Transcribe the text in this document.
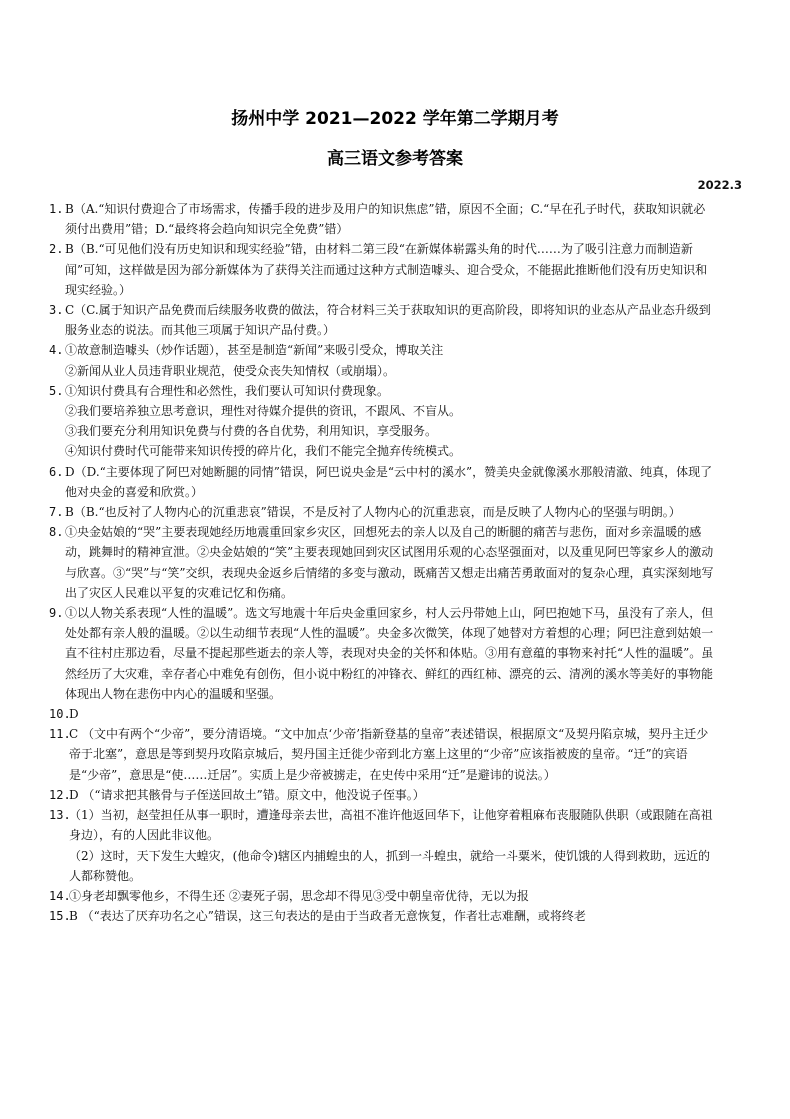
扬州中学 2021—2022 学年第二学期月考
高三语文参考答案
2022.3
1. B（A.“知识付费迎合了市场需求，传播手段的进步及用户的知识焦虑”错，原因不全面；C.“早在孔子时代，获取知识就必须付出费用”错；D.“最终将会趋向知识完全免费”错）
2. B（B.“可见他们没有历史知识和现实经验”错，由材料二第三段“在新媒体崭露头角的时代……为了吸引注意力而制造新闻”可知，这样做是因为部分新媒体为了获得关注而通过这种方式制造噱头、迎合受众，不能据此推断他们没有历史知识和现实经验。）
3. C（C.属于知识产品免费而后续服务收费的做法，符合材料三关于获取知识的更高阶段，即将知识的业态从产品业态升级到服务业态的说法。而其他三项属于知识产品付费。）
4. ①故意制造噱头（炒作话题），甚至是制造“新闻”来吸引受众，博取关注
②新闻从业人员违背职业规范，使受众丧失知情权（或崩塌）。
5. ①知识付费具有合理性和必然性，我们要认可知识付费现象。
②我们要培养独立思考意识，理性对待媒介提供的资讯，不跟风、不盲从。
③我们要充分利用知识免费与付费的各自优势，利用知识，享受服务。
④知识付费时代可能带来知识传授的碎片化，我们不能完全抛弃传统模式。
6. D（D.“主要体现了阿巴对她断腿的同情”错误，阿巴说央金是“云中村的溪水”，赞美央金就像溪水那般清澈、纯真，体现了他对央金的喜爱和欣赏。）
7. B（B.“也反衬了人物内心的沉重悲哀”错误，不是反衬了人物内心的沉重悲哀，而是反映了人物内心的坚强与明朗。）
8. ①央金姑娘的“哭”主要表现她经历地震重回家乡灾区，回想死去的亲人以及自己的断腿的痛苦与悲伤，面对乡亲温暖的感动，跳舞时的精神宣泄。②央金姑娘的“笑”主要表现她回到灾区试图用乐观的心态坚强面对，以及重见阿巴等家乡人的激动与欣喜。③“哭”与“笑”交织，表现央金返乡后情绪的多变与激动，既痛苦又想走出痛苦勇敢面对的复杂心理，真实深刻地写出了灾区人民难以平复的灾难记忆和伤痛。
9. ①以人物关系表现“人性的温暖”。选文写地震十年后央金重回家乡，村人云丹带她上山，阿巴抱她下马，虽没有了亲人，但处处都有亲人般的温暖。②以生动细节表现“人性的温暖”。央金多次微笑，体现了她替对方着想的心理；阿巴注意到姑娘一直不往村庄那边看，尽量不提起那些逝去的亲人等，表现对央金的关怀和体贴。③用有意蕴的事物来衬托“人性的温暖”。虽然经历了大灾难，幸存者心中难免有创伤，但小说中粉红的冲锋衣、鲜红的西红柿、漂亮的云、清冽的溪水等美好的事物能体现出人物在悲伤中内心的温暖和坚强。
10.
D
11.
C （文中有两个“少帝”，要分清语境。“文中加点‘少帝’指新登基的皇帝”表述错误，根据原文“及契丹陷京城，契丹主迁少帝于北塞”，意思是等到契丹攻陷京城后，契丹国主迁徙少帝到北方塞上这里的“少帝”应该指被废的皇帝。“迁”的宾语是“少帝”，意思是“使……迁居”。实质上是少帝被掳走，在史传中采用“迁”是避讳的说法。）
12.
D （“请求把其骸骨与子侄送回故土”错。原文中，他没说子侄事。）
13.
（1）当初，赵莹担任从事一职时，遭逢母亲去世，高祖不准许他返回华下，让他穿着粗麻布丧服随队供职（或跟随在高祖身边），有的人因此非议他。
（2）这时，天下发生大蝗灾，(他命令)辖区内捕蝗虫的人，抓到一斗蝗虫，就给一斗粟米，使饥饿的人得到救助，远近的人都称赞他。
14.
①身老却飘零他乡，不得生还 ②妻死子弱，思念却不得见③受中朝皇帝优待，无以为报
15.
B （“表达了厌弃功名之心”错误，这三句表达的是由于当政者无意恢复，作者壮志难酬，或将终老
